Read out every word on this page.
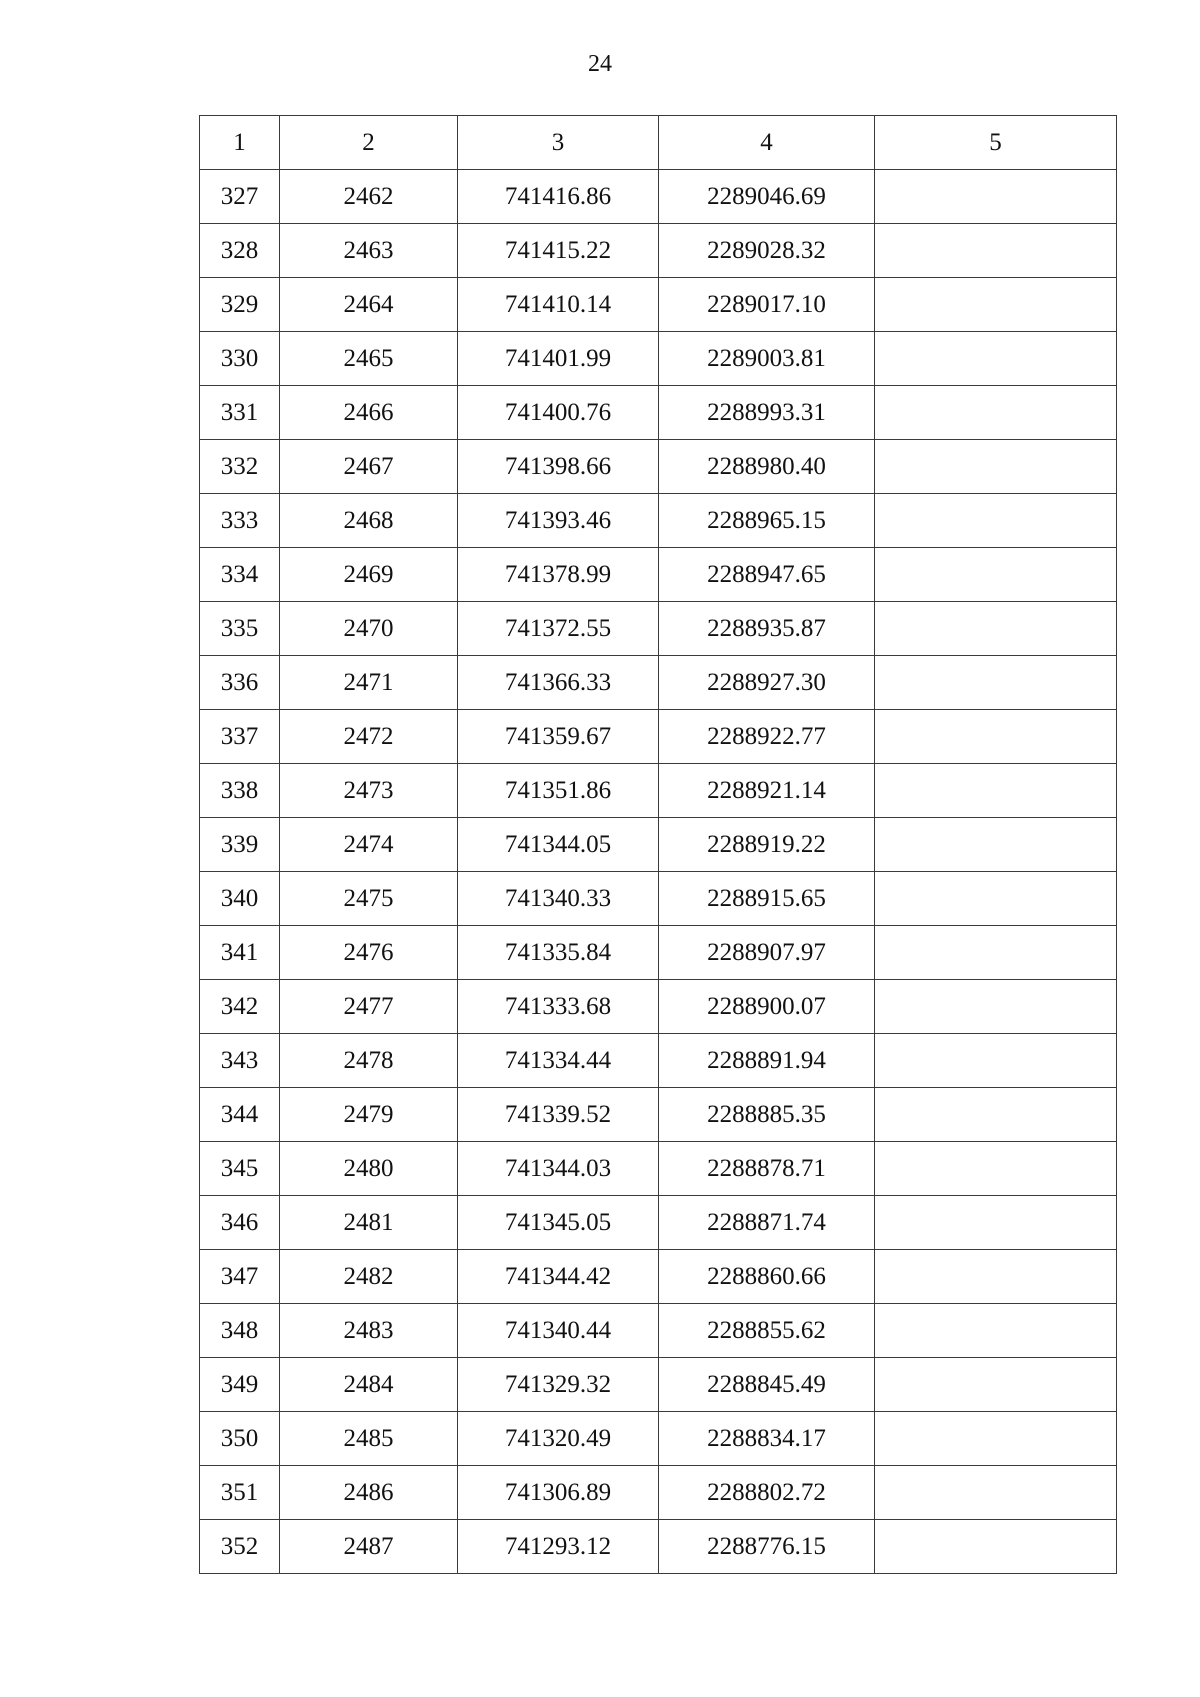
24
1	2	3	4	5
327	2462	741416.86	2289046.69	
328	2463	741415.22	2289028.32	
329	2464	741410.14	2289017.10	
330	2465	741401.99	2289003.81	
331	2466	741400.76	2288993.31	
332	2467	741398.66	2288980.40	
333	2468	741393.46	2288965.15	
334	2469	741378.99	2288947.65	
335	2470	741372.55	2288935.87	
336	2471	741366.33	2288927.30	
337	2472	741359.67	2288922.77	
338	2473	741351.86	2288921.14	
339	2474	741344.05	2288919.22	
340	2475	741340.33	2288915.65	
341	2476	741335.84	2288907.97	
342	2477	741333.68	2288900.07	
343	2478	741334.44	2288891.94	
344	2479	741339.52	2288885.35	
345	2480	741344.03	2288878.71	
346	2481	741345.05	2288871.74	
347	2482	741344.42	2288860.66	
348	2483	741340.44	2288855.62	
349	2484	741329.32	2288845.49	
350	2485	741320.49	2288834.17	
351	2486	741306.89	2288802.72	
352	2487	741293.12	2288776.15	
